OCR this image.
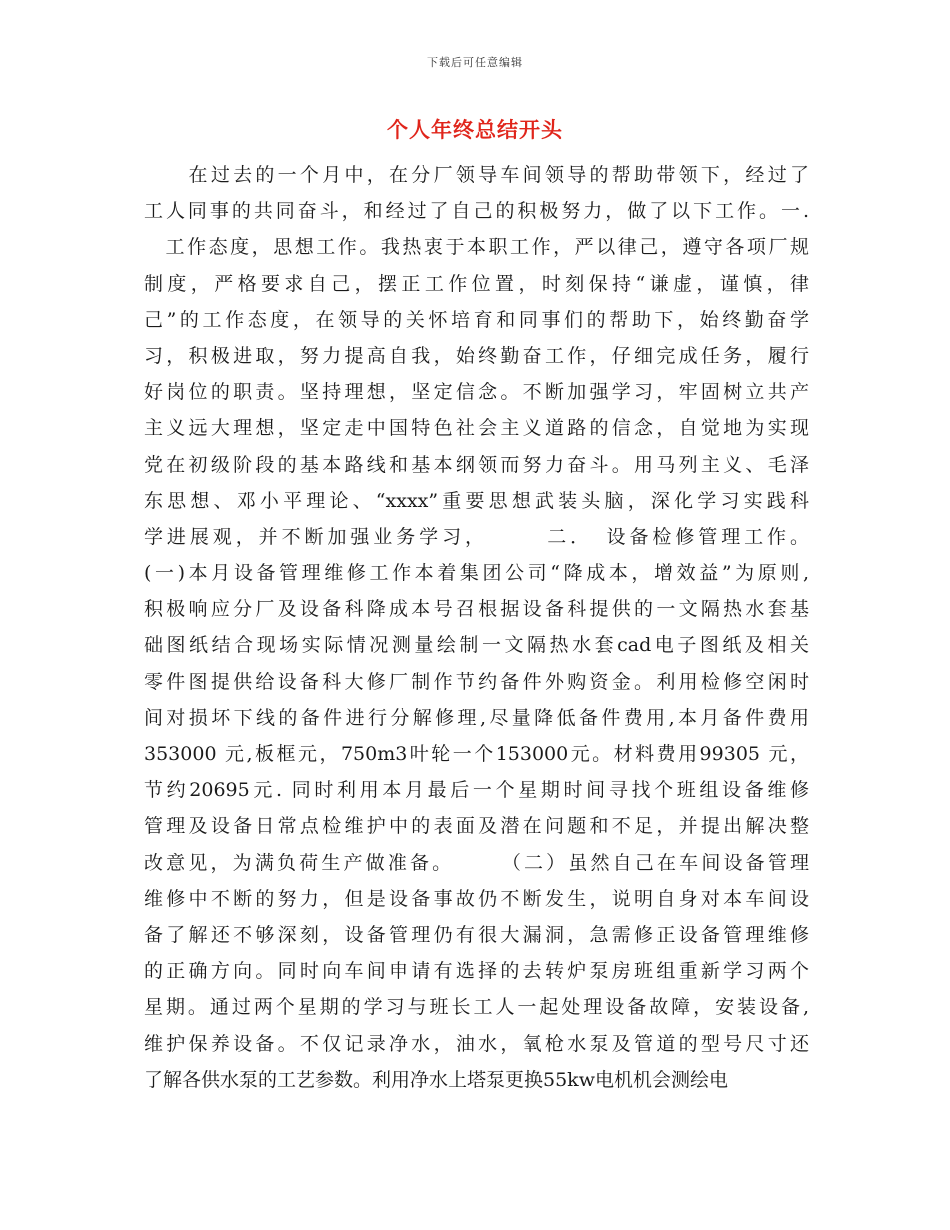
下载后可任意编辑
个人年终总结开头
　　在过去的一个月中，在分厂领导车间领导的帮助带领下，经过了
工人同事的共同奋斗，和经过了自己的积极努力，做了以下工作。一.
　工作态度，思想工作。我热衷于本职工作，严以律己，遵守各项厂规
制度，严格要求自己，摆正工作位置，时刻保持“谦虚，谨慎，律
己”的工作态度，在领导的关怀培育和同事们的帮助下，始终勤奋学
习，积极进取，努力提高自我，始终勤奋工作，仔细完成任务，履行
好岗位的职责。坚持理想，坚定信念。不断加强学习，牢固树立共产
主义远大理想，坚定走中国特色社会主义道路的信念，自觉地为实现
党在初级阶段的基本路线和基本纲领而努力奋斗。用马列主义、毛泽
东思想、邓小平理论、“xxxx”重要思想武装头脑，深化学习实践科
学进展观，并不断加强业务学习，　　　二．　设备检修管理工作。
(一)本月设备管理维修工作本着集团公司“降成本，增效益”为原则,
积极响应分厂及设备科降成本号召根据设备科提供的一文隔热水套基
础图纸结合现场实际情况测量绘制一文隔热水套cad电子图纸及相关
零件图提供给设备科大修厂制作节约备件外购资金。利用检修空闲时
间对损坏下线的备件进行分解修理,尽量降低备件费用,本月备件费用
353000 元,板框元，750m3叶轮一个153000元。材料费用99305 元，
节约20695元. 同时利用本月最后一个星期时间寻找个班组设备维修
管理及设备日常点检维护中的表面及潜在问题和不足，并提出解决整
改意见，为满负荷生产做准备。　　　（二）虽然自己在车间设备管理
维修中不断的努力，但是设备事故仍不断发生，说明自身对本车间设
备了解还不够深刻，设备管理仍有很大漏洞，急需修正设备管理维修
的正确方向。同时向车间申请有选择的去转炉泵房班组重新学习两个
星期。通过两个星期的学习与班长工人一起处理设备故障，安装设备,
维护保养设备。不仅记录净水，油水，氧枪水泵及管道的型号尺寸还
了解各供水泵的工艺参数。利用净水上塔泵更换55kw电机机会测绘电
